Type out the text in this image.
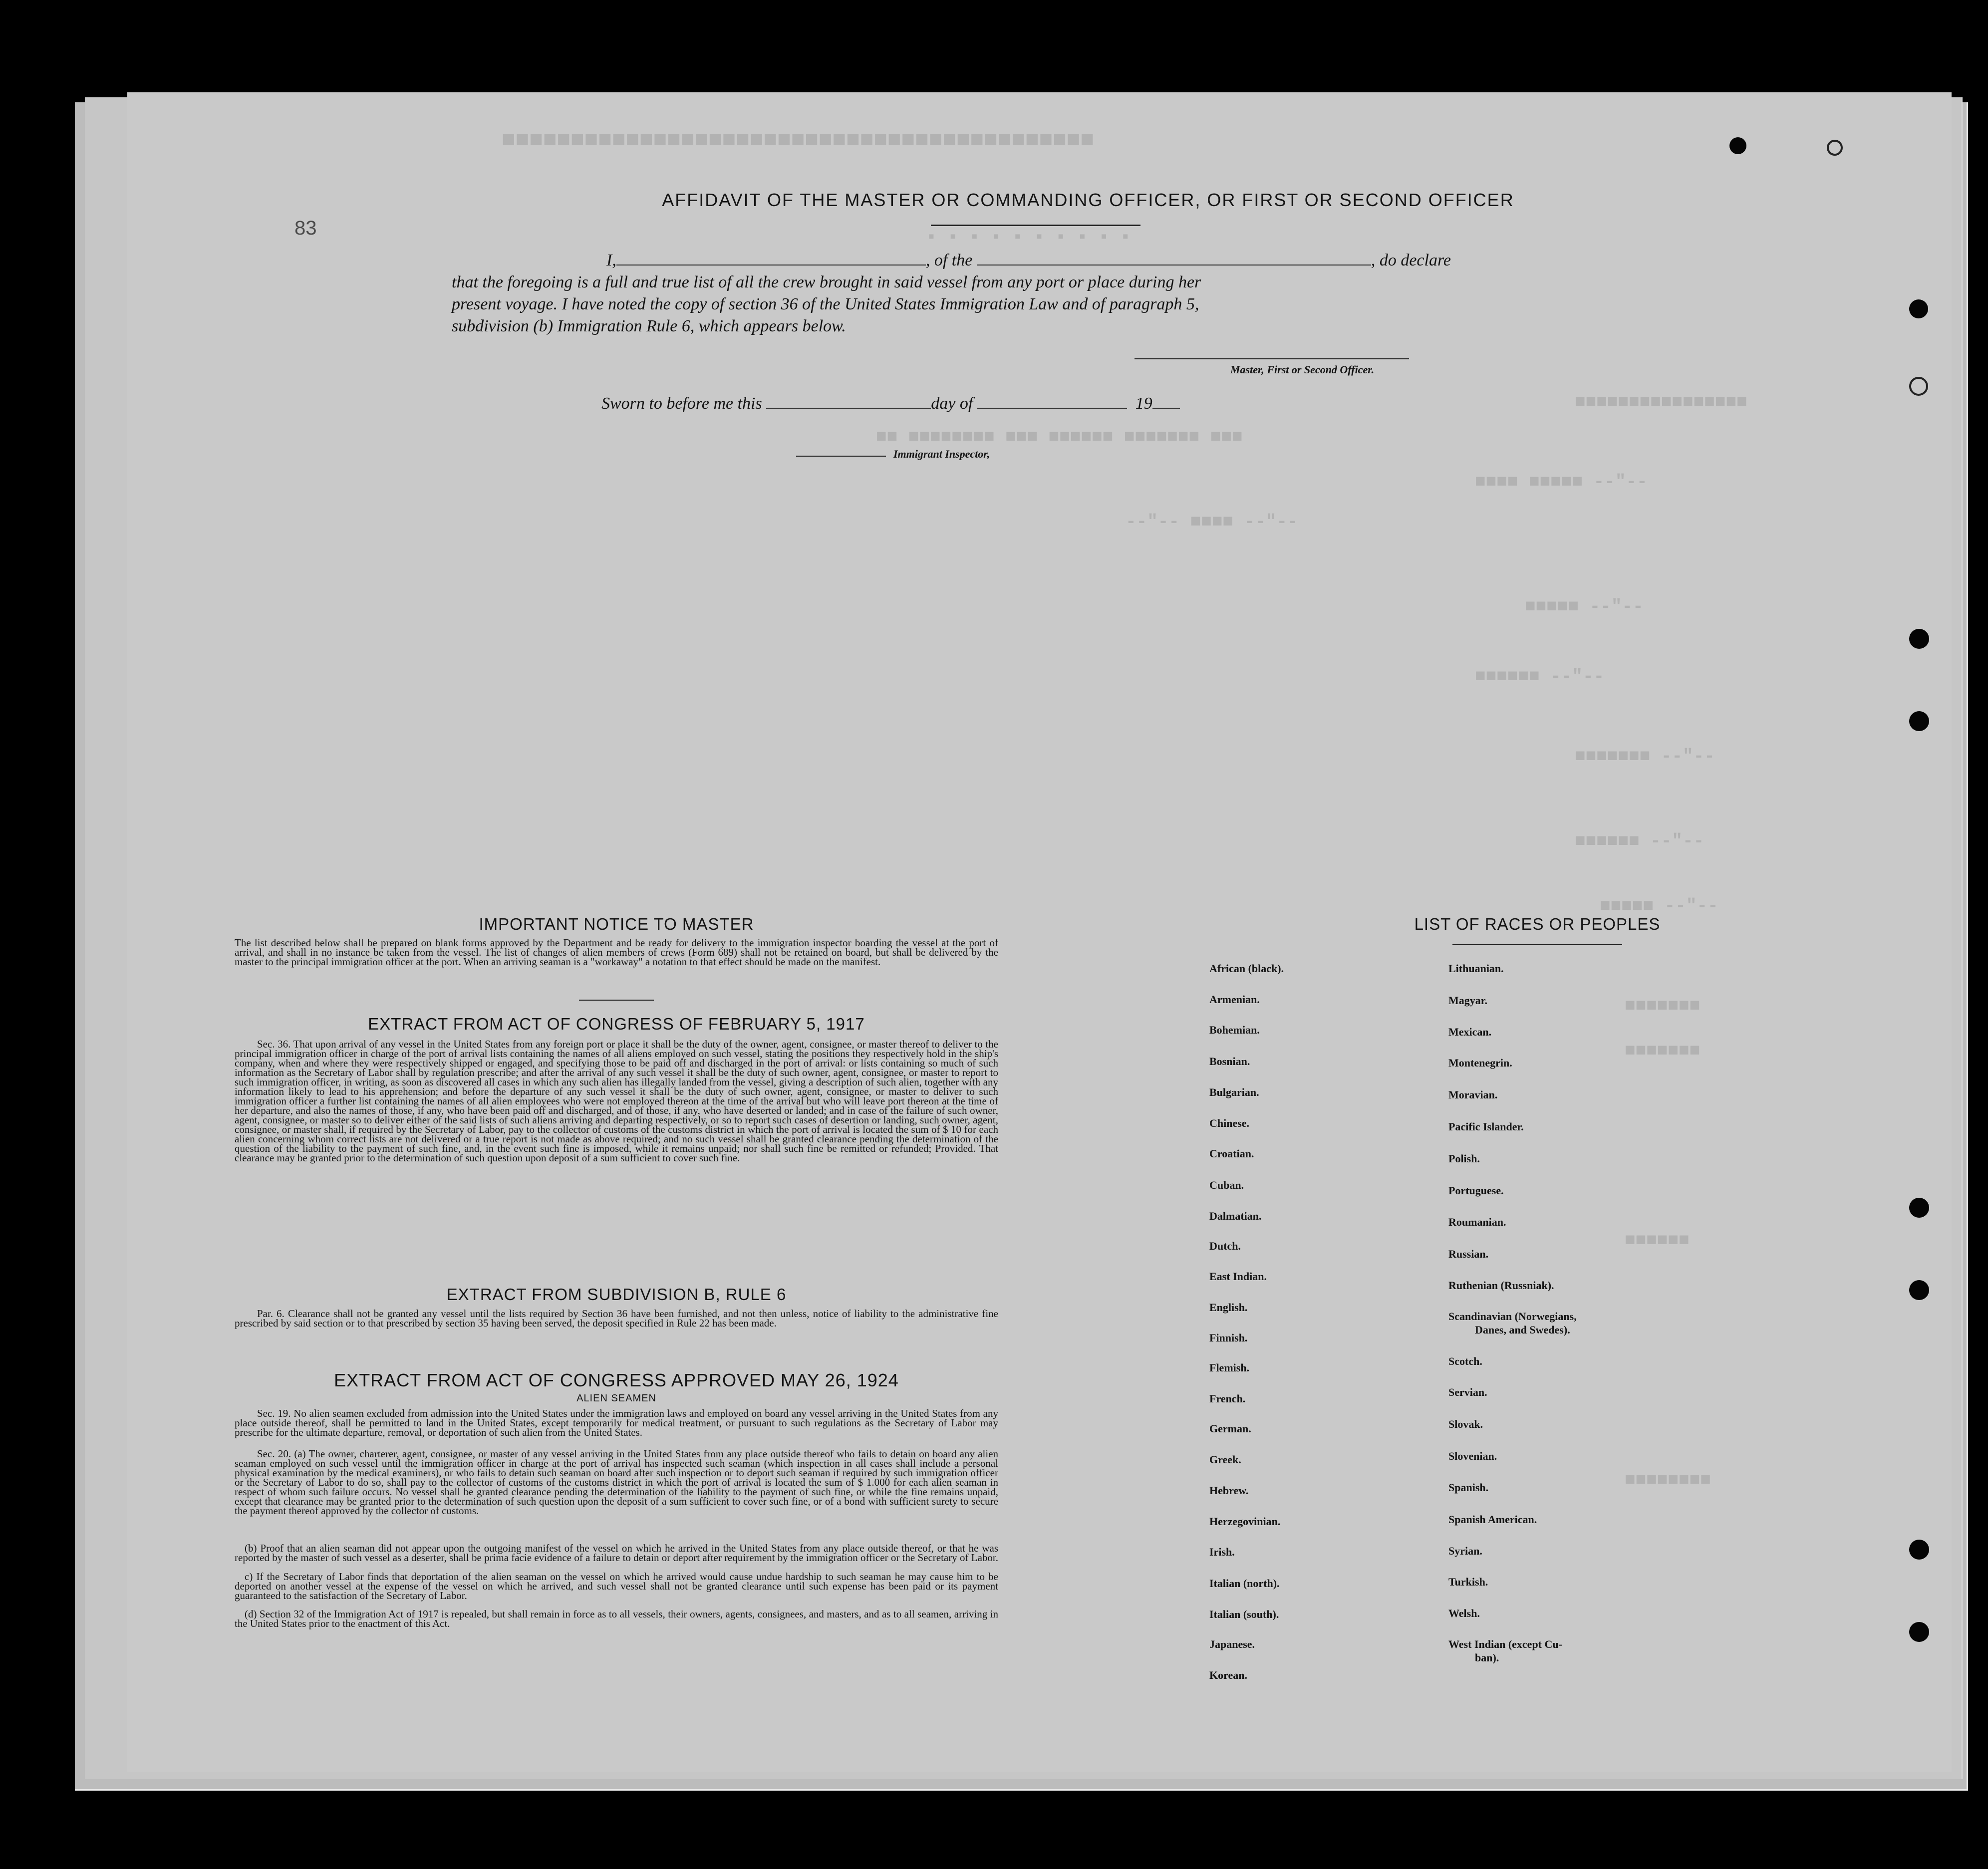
■■■■■■■■■■■■■■■■■■■■■■■■■■■■■■■■■■■■■■■■■■■
▪ ▪ ▪ ▪ ▪ ▪ ▪ ▪ ▪ ▪
■■■■■■■■■■■■■■■■
■■ ■■■■■■■■ ■■■ ■■■■■■ ■■■■■■■ ■■■
■■■■ ■■■■■ --"--
--"-- ■■■■ --"--
■■■■■ --"--
■■■■■■ --"--
■■■■■■■ --"--
■■■■■■ --"--
■■■■■ --"--
■■■■■■■
■■■■■■■
■■■■■■
■■■■■■■■
83
AFFIDAVIT OF THE MASTER OR COMMANDING OFFICER, OR FIRST OR SECOND OFFICER
I,	, of the	, do declare
that the foregoing is a full and true list of all the crew brought in said vessel from any port or place during her
present voyage. I have noted the copy of section 36 of the United States Immigration Law and of paragraph 5,
subdivision (b) Immigration Rule 6, which appears below.
Master, First or Second Officer.
Sworn to before me this	day of	19
Immigrant Inspector,
IMPORTANT NOTICE TO MASTER
The list described below shall be prepared on blank forms approved by the Department and be ready for delivery to the immigration inspector boarding the vessel at the port of arrival, and shall in no instance be taken from the vessel. The list of changes of alien members of crews (Form 689) shall not be retained on board, but shall be delivered by the master to the principal immigration officer at the port. When an arriving seaman is a "workaway" a notation to that effect should be made on the manifest.
EXTRACT FROM ACT OF CONGRESS OF FEBRUARY 5, 1917
Sec. 36. That upon arrival of any vessel in the United States from any foreign port or place it shall be the duty of the owner, agent, consignee, or master thereof to deliver to the principal immigration officer in charge of the port of arrival lists containing the names of all aliens employed on such vessel, stating the positions they respectively hold in the ship's company, when and where they were respectively shipped or engaged, and specifying those to be paid off and discharged in the port of arrival: or lists containing so much of such information as the Secretary of Labor shall by regulation prescribe; and after the arrival of any such vessel it shall be the duty of such owner, agent, consignee, or master to report to such immigration officer, in writing, as soon as discovered all cases in which any such alien has illegally landed from the vessel, giving a description of such alien, together with any information likely to lead to his apprehension; and before the departure of any such vessel it shall be the duty of such owner, agent, consignee, or master to deliver to such immigration officer a further list containing the names of all alien employees who were not employed thereon at the time of the arrival but who will leave port thereon at the time of her departure, and also the names of those, if any, who have been paid off and discharged, and of those, if any, who have deserted or landed; and in case of the failure of such owner, agent, consignee, or master so to deliver either of the said lists of such aliens arriving and departing respectively, or so to report such cases of desertion or landing, such owner, agent, consignee, or master shall, if required by the Secretary of Labor, pay to the collector of customs of the customs district in which the port of arrival is located the sum of $ 10 for each alien concerning whom correct lists are not delivered or a true report is not made as above required; and no such vessel shall be granted clearance pending the determination of the question of the liability to the payment of such fine, and, in the event such fine is imposed, while it remains unpaid; nor shall such fine be remitted or refunded; Provided. That clearance may be granted prior to the determination of such question upon deposit of a sum sufficient to cover such fine.
EXTRACT FROM SUBDIVISION B, RULE 6
Par. 6. Clearance shall not be granted any vessel until the lists required by Section 36 have been furnished, and not then unless, notice of liability to the administrative fine prescribed by said section or to that prescribed by section 35 having been served, the deposit specified in Rule 22 has been made.
EXTRACT FROM ACT OF CONGRESS APPROVED MAY 26, 1924
ALIEN SEAMEN
Sec. 19. No alien seamen excluded from admission into the United States under the immigration laws and employed on board any vessel arriving in the United States from any place outside thereof, shall be permitted to land in the United States, except temporarily for medical treatment, or pursuant to such regulations as the Secretary of Labor may prescribe for the ultimate departure, removal, or deportation of such alien from the United States.
Sec. 20. (a) The owner, charterer, agent, consignee, or master of any vessel arriving in the United States from any place outside thereof who fails to detain on board any alien seaman employed on such vessel until the immigration officer in charge at the port of arrival has inspected such seaman (which inspection in all cases shall include a personal physical examination by the medical examiners), or who fails to detain such seaman on board after such inspection or to deport such seaman if required by such immigration officer or the Secretary of Labor to do so, shall pay to the collector of customs of the customs district in which the port of arrival is located the sum of $ 1.000 for each alien seaman in respect of whom such failure occurs. No vessel shall be granted clearance pending the determination of the liability to the payment of such fine, or while the fine remains unpaid, except that clearance may be granted prior to the determination of such question upon the deposit of a sum sufficient to cover such fine, or of a bond with sufficient surety to secure the payment thereof approved by the collector of customs.
(b) Proof that an alien seaman did not appear upon the outgoing manifest of the vessel on which he arrived in the United States from any place outside thereof, or that he was reported by the master of such vessel as a deserter, shall be prima facie evidence of a failure to detain or deport after requirement by the immigration officer or the Secretary of Labor.
c) If the Secretary of Labor finds that deportation of the alien seaman on the vessel on which he arrived would cause undue hardship to such seaman he may cause him to be deported on another vessel at the expense of the vessel on which he arrived, and such vessel shall not be granted clearance until such expense has been paid or its payment guaranteed to the satisfaction of the Secretary of Labor.
(d) Section 32 of the Immigration Act of 1917 is repealed, but shall remain in force as to all vessels, their owners, agents, consignees, and masters, and as to all seamen, arriving in the United States prior to the enactment of this Act.
LIST OF RACES OR PEOPLES
African (black).
Armenian.
Bohemian.
Bosnian.
Bulgarian.
Chinese.
Croatian.
Cuban.
Dalmatian.
Dutch.
East Indian.
English.
Finnish.
Flemish.
French.
German.
Greek.
Hebrew.
Herzegovinian.
Irish.
Italian (north).
Italian (south).
Japanese.
Korean.
Lithuanian.
Magyar.
Mexican.
Montenegrin.
Moravian.
Pacific Islander.
Polish.
Portuguese.
Roumanian.
Russian.
Ruthenian (Russniak).
Scandinavian (Norwegians,
Danes, and Swedes).
Scotch.
Servian.
Slovak.
Slovenian.
Spanish.
Spanish American.
Syrian.
Turkish.
Welsh.
West Indian (except Cu-
ban).
